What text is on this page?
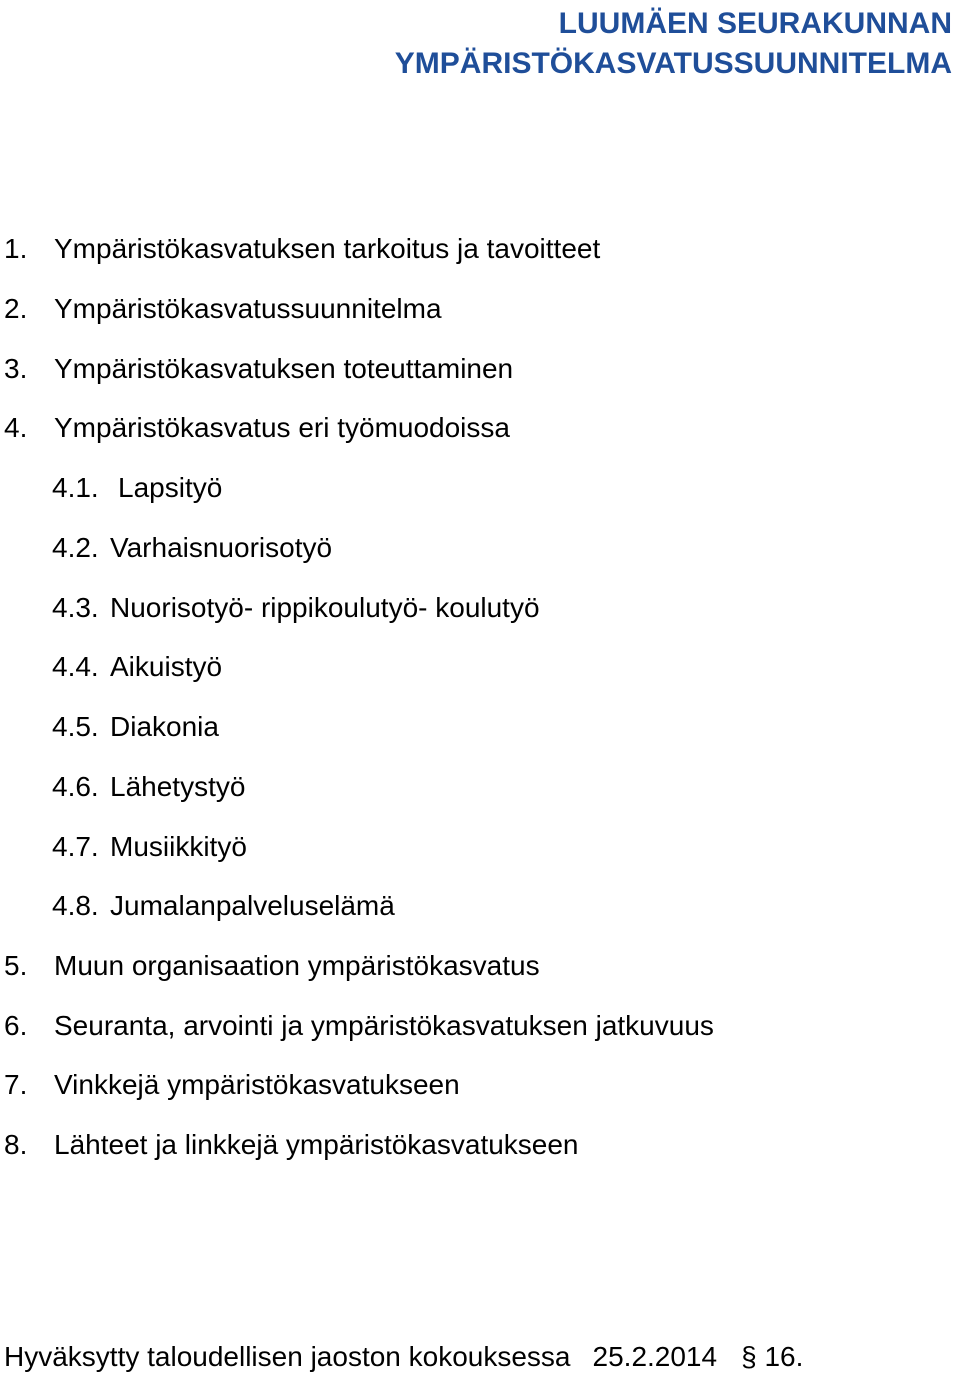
LUUMÄEN SEURAKUNNAN
YMPÄRISTÖKASVATUSSUUNNITELMA
1. Ympäristökasvatuksen tarkoitus ja tavoitteet
2. Ympäristökasvatussuunnitelma
3. Ympäristökasvatuksen toteuttaminen
4. Ympäristökasvatus eri työmuodoissa
4.1. Lapsityö
4.2. Varhaisnuorisotyö
4.3. Nuorisotyö- rippikoulutyö- koulutyö
4.4. Aikuistyö
4.5. Diakonia
4.6. Lähetystyö
4.7. Musiikkityö
4.8. Jumalanpalveluselämä
5. Muun organisaation ympäristökasvatus
6. Seuranta, arvointi ja ympäristökasvatuksen jatkuvuus
7. Vinkkejä ympäristökasvatukseen
8. Lähteet ja linkkejä ympäristökasvatukseen
Hyväksytty taloudellisen jaoston kokouksessa 25.2.2014 § 16.
